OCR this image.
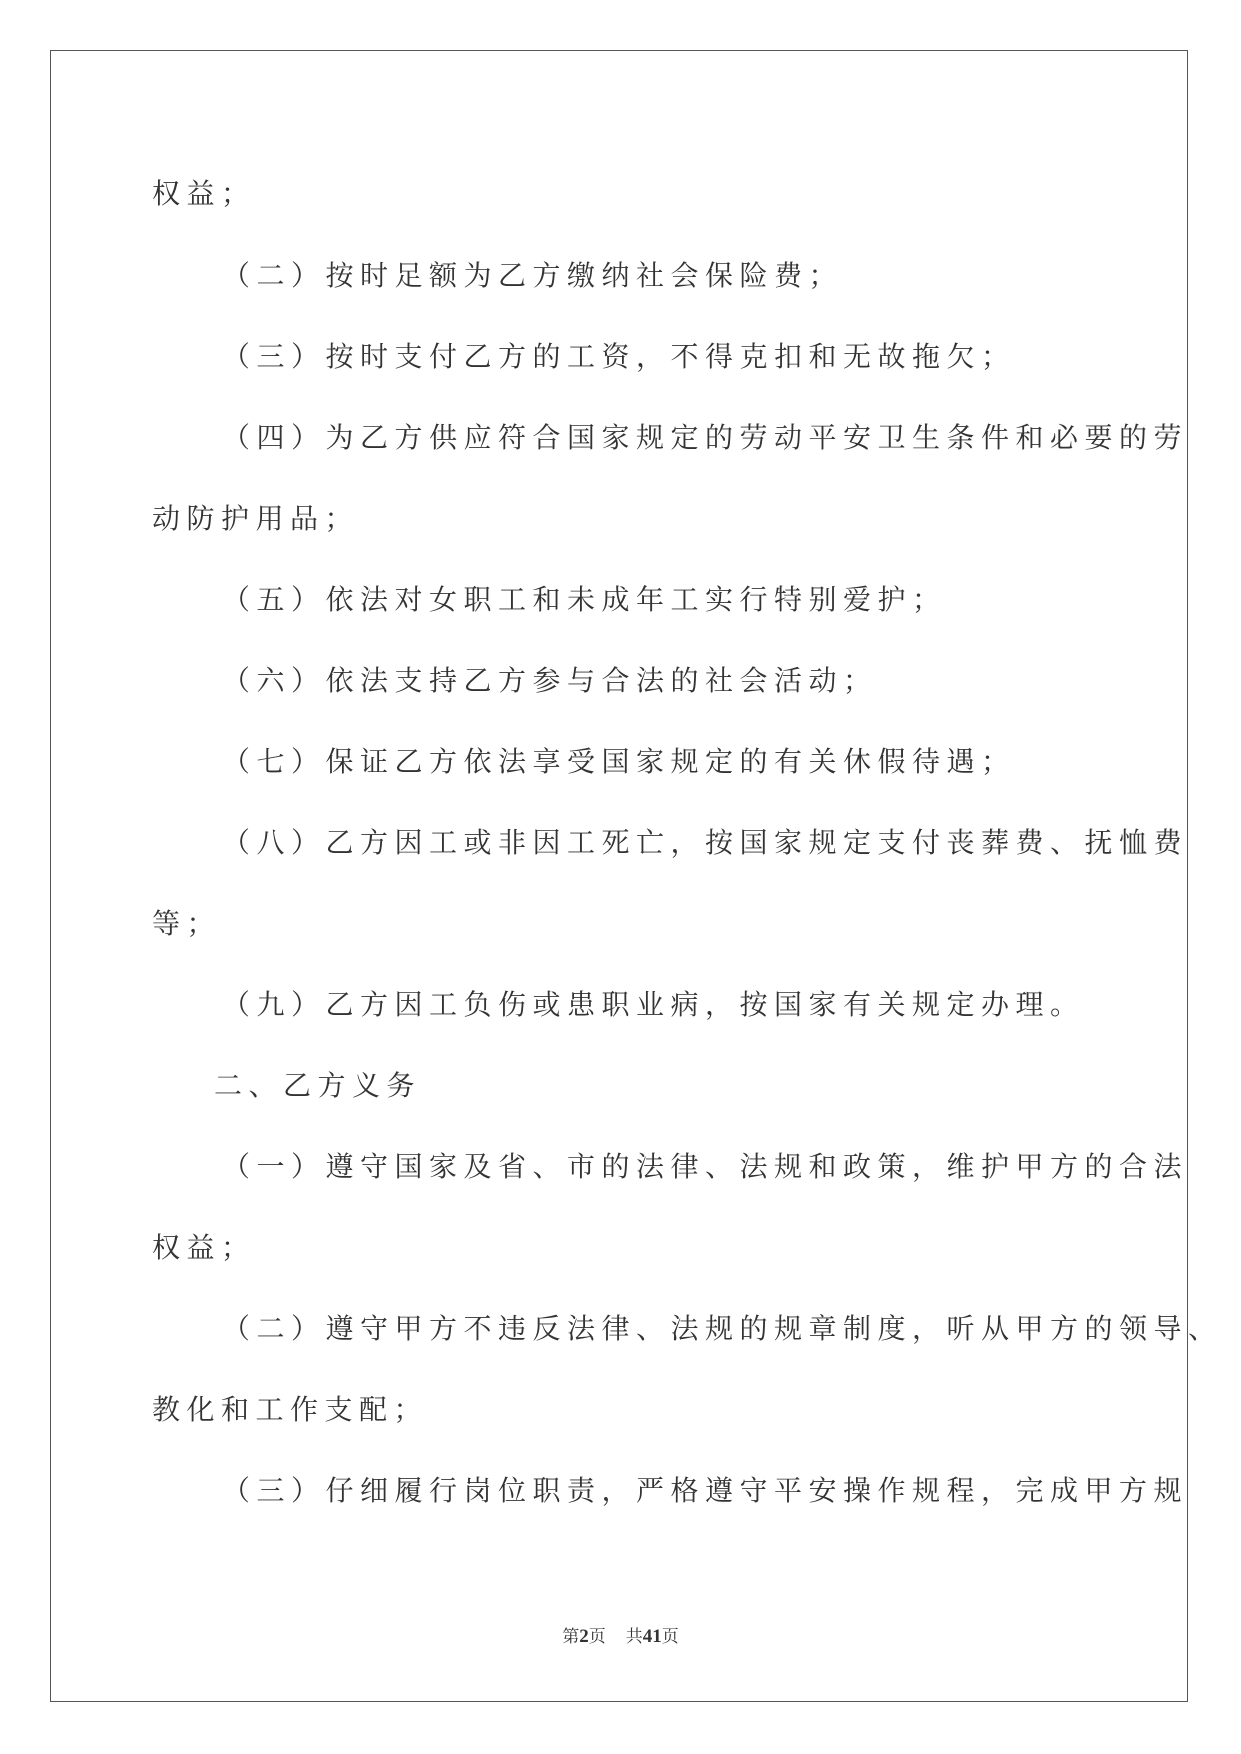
权益；
（二）按时足额为乙方缴纳社会保险费；
（三）按时支付乙方的工资，不得克扣和无故拖欠；
（四）为乙方供应符合国家规定的劳动平安卫生条件和必要的劳
动防护用品；
（五）依法对女职工和未成年工实行特别爱护；
（六）依法支持乙方参与合法的社会活动；
（七）保证乙方依法享受国家规定的有关休假待遇；
（八）乙方因工或非因工死亡，按国家规定支付丧葬费、抚恤费
等；
（九）乙方因工负伤或患职业病，按国家有关规定办理。
二、乙方义务
（一）遵守国家及省、市的法律、法规和政策，维护甲方的合法
权益；
（二）遵守甲方不违反法律、法规的规章制度，听从甲方的领导、
教化和工作支配；
（三）仔细履行岗位职责，严格遵守平安操作规程，完成甲方规
第2页 共41页
